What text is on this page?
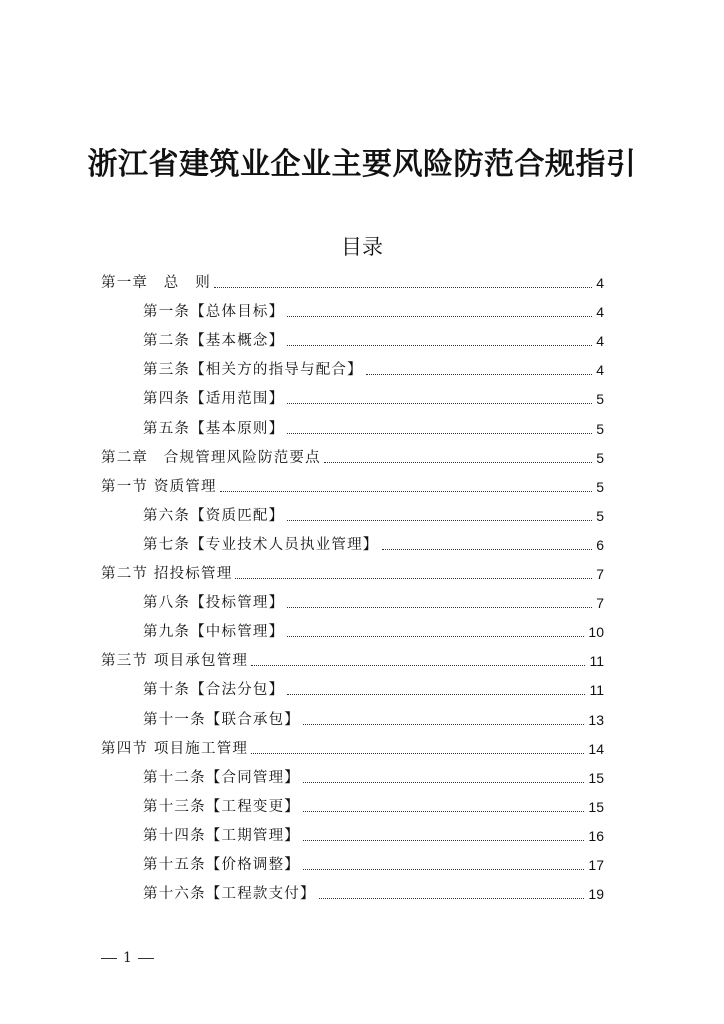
浙江省建筑业企业主要风险防范合规指引
目录
第一章　总　则	4
第一条【总体目标】	4
第二条【基本概念】	4
第三条【相关方的指导与配合】	4
第四条【适用范围】	5
第五条【基本原则】	5
第二章　合规管理风险防范要点	5
第一节 资质管理	5
第六条【资质匹配】	5
第七条【专业技术人员执业管理】	6
第二节 招投标管理	7
第八条【投标管理】	7
第九条【中标管理】	10
第三节 项目承包管理	11
第十条【合法分包】	11
第十一条【联合承包】	13
第四节 项目施工管理	14
第十二条【合同管理】	15
第十三条【工程变更】	15
第十四条【工期管理】	16
第十五条【价格调整】	17
第十六条【工程款支付】	19
1
